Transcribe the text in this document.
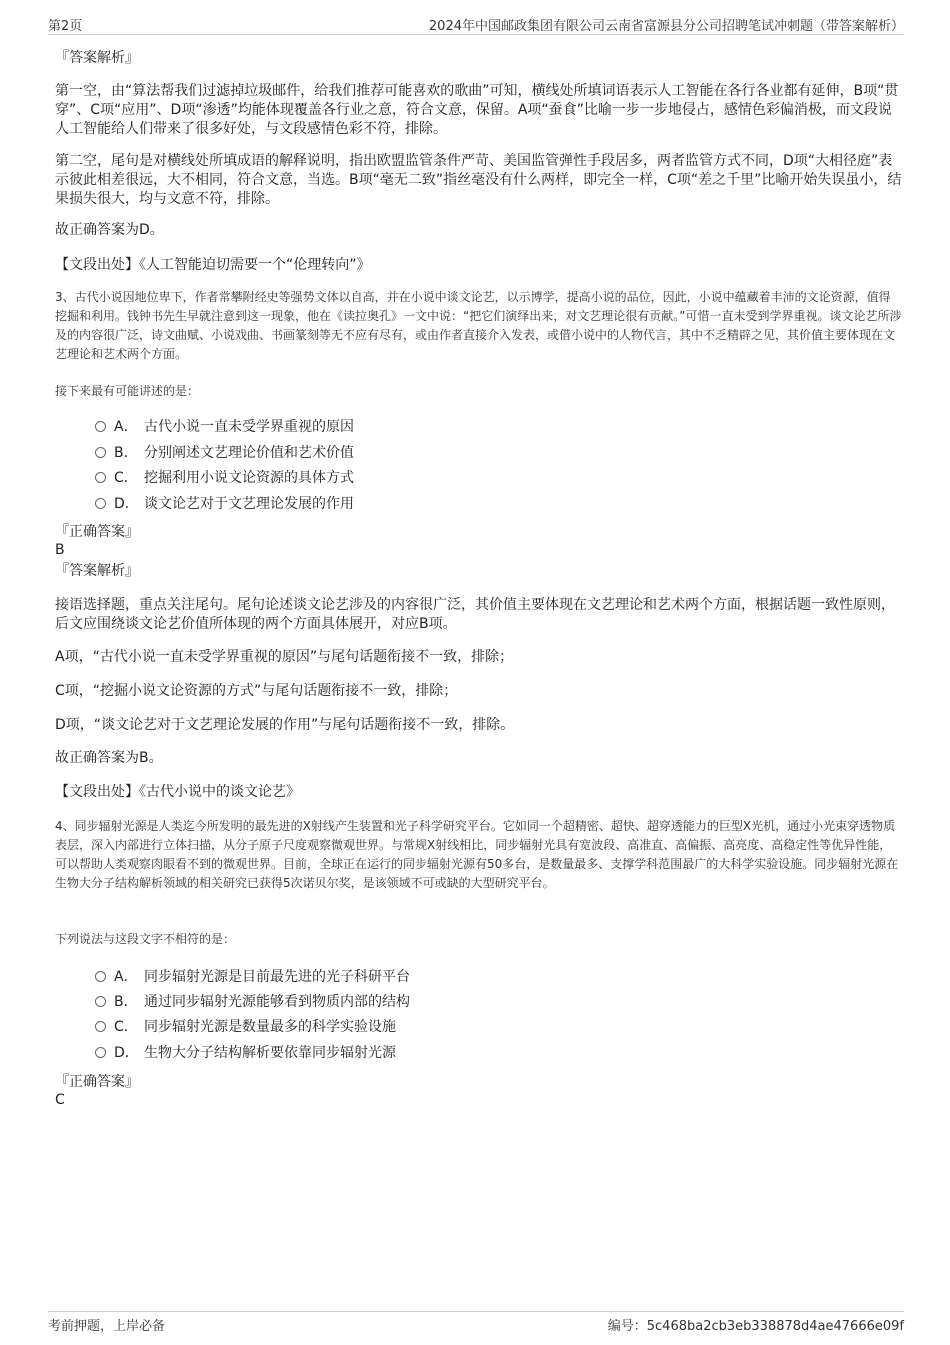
第2页	2024年中国邮政集团有限公司云南省富源县分公司招聘笔试冲刺题（带答案解析）
『答案解析』
第一空，由“算法帮我们过滤掉垃圾邮件，给我们推荐可能喜欢的歌曲”可知，横线处所填词语表示人工智能在各行各业都有延伸，B项“贯穿”、C项“应用”、D项“渗透”均能体现覆盖各行业之意，符合文意，保留。A项“蚕食”比喻一步一步地侵占，感情色彩偏消极，而文段说人工智能给人们带来了很多好处，与文段感情色彩不符，排除。
第二空，尾句是对横线处所填成语的解释说明，指出欧盟监管条件严苛、美国监管弹性手段居多，两者监管方式不同，D项“大相径庭”表示彼此相差很远，大不相同，符合文意，当选。B项“毫无二致”指丝毫没有什么两样，即完全一样，C项“差之千里”比喻开始失误虽小，结果损失很大，均与文意不符，排除。
故正确答案为D。
【文段出处】《人工智能迫切需要一个“伦理转向”》
3、古代小说因地位卑下，作者常攀附经史等强势文体以自高，并在小说中谈文论艺，以示博学，提高小说的品位，因此，小说中蕴藏着丰沛的文论资源，值得挖掘和利用。钱钟书先生早就注意到这一现象，他在《读拉奥孔》一文中说：“把它们演绎出来，对文艺理论很有贡献。”可惜一直未受到学界重视。谈文论艺所涉及的内容很广泛，诗文曲赋、小说戏曲、书画篆刻等无不应有尽有，或由作者直接介入发表，或借小说中的人物代言，其中不乏精辟之见，其价值主要体现在文艺理论和艺术两个方面。
接下来最有可能讲述的是：
A． 古代小说一直未受学界重视的原因
B． 分别阐述文艺理论价值和艺术价值
C． 挖掘利用小说文论资源的具体方式
D． 谈文论艺对于文艺理论发展的作用
『正确答案』
B
『答案解析』
接语选择题，重点关注尾句。尾句论述谈文论艺涉及的内容很广泛，其价值主要体现在文艺理论和艺术两个方面，根据话题一致性原则，后文应围绕谈文论艺价值所体现的两个方面具体展开，对应B项。
A项，“古代小说一直未受学界重视的原因”与尾句话题衔接不一致，排除；
C项，“挖掘小说文论资源的方式”与尾句话题衔接不一致，排除；
D项，“谈文论艺对于文艺理论发展的作用”与尾句话题衔接不一致，排除。
故正确答案为B。
【文段出处】《古代小说中的谈文论艺》
4、同步辐射光源是人类迄今所发明的最先进的X射线产生装置和光子科学研究平台。它如同一个超精密、超快、超穿透能力的巨型X光机，通过小光束穿透物质表层，深入内部进行立体扫描，从分子原子尺度观察微观世界。与常规X射线相比，同步辐射光具有宽波段、高准直、高偏振、高亮度、高稳定性等优异性能，可以帮助人类观察肉眼看不到的微观世界。目前，全球正在运行的同步辐射光源有50多台，是数量最多、支撑学科范围最广的大科学实验设施。同步辐射光源在生物大分子结构解析领域的相关研究已获得5次诺贝尔奖，是该领域不可或缺的大型研究平台。
下列说法与这段文字不相符的是：
A． 同步辐射光源是目前最先进的光子科研平台
B． 通过同步辐射光源能够看到物质内部的结构
C． 同步辐射光源是数量最多的科学实验设施
D． 生物大分子结构解析要依靠同步辐射光源
『正确答案』
C
考前押题，上岸必备	编号：5c468ba2cb3eb338878d4ae47666e09f
